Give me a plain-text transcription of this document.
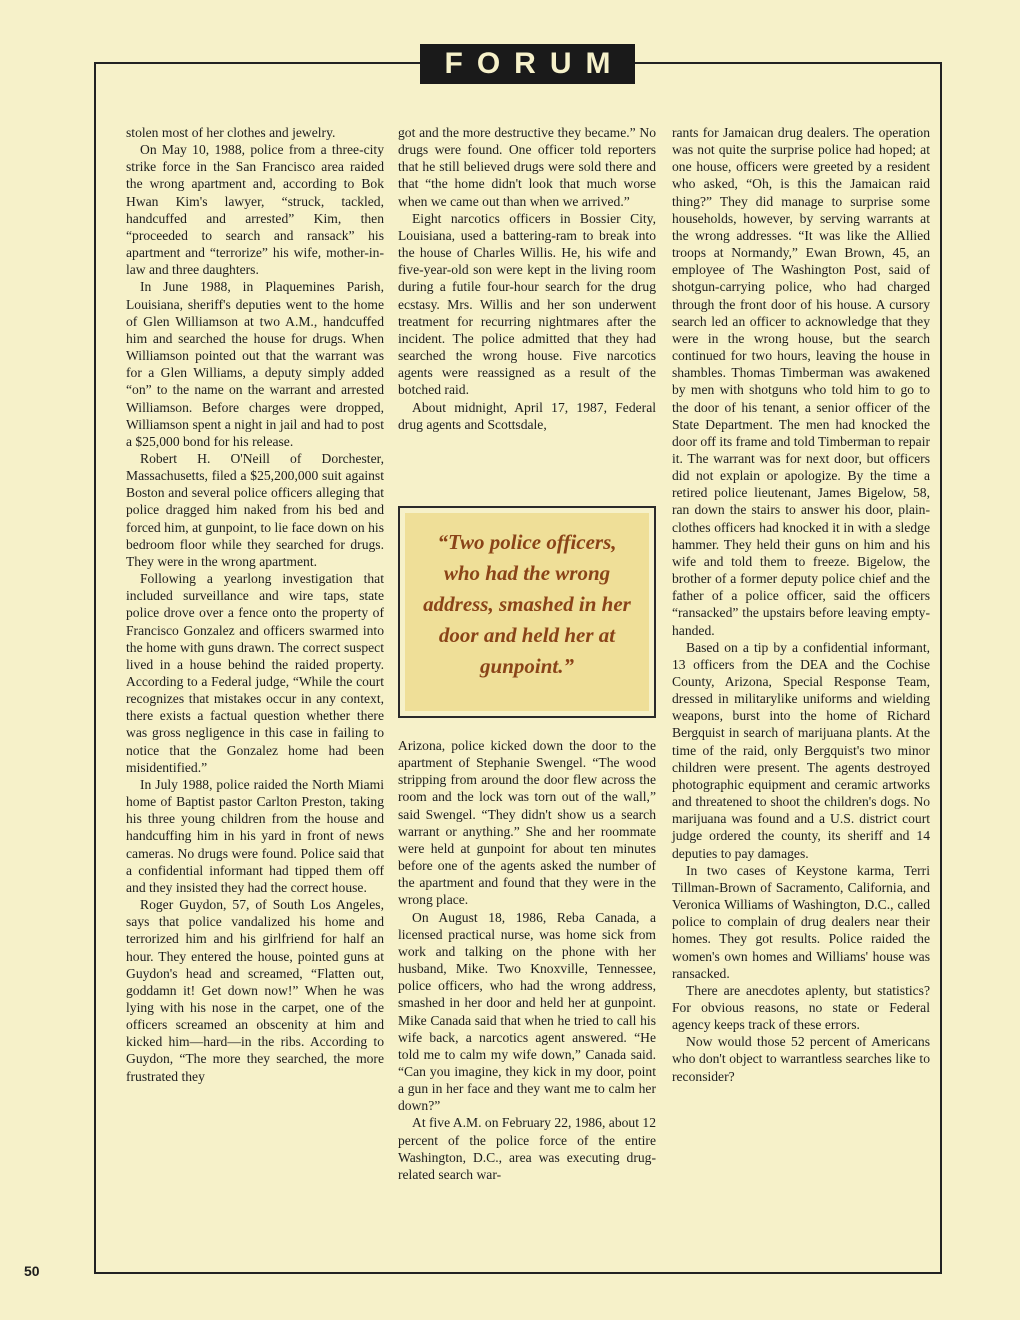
FORUM

stolen most of her clothes and jewelry.

On May 10, 1988, police from a three-city strike force in the San Francisco area raided the wrong apartment and, according to Bok Hwan Kim's lawyer, “struck, tackled, handcuffed and arrested” Kim, then “proceeded to search and ransack” his apartment and “terrorize” his wife, mother-in-law and three daughters.

In June 1988, in Plaquemines Parish, Louisiana, sheriff's deputies went to the home of Glen Williamson at two A.M., handcuffed him and searched the house for drugs. When Williamson pointed out that the warrant was for a Glen Williams, a deputy simply added “on” to the name on the warrant and arrested Williamson. Before charges were dropped, Williamson spent a night in jail and had to post a $25,000 bond for his release.

Robert H. O'Neill of Dorchester, Massachusetts, filed a $25,200,000 suit against Boston and several police officers alleging that police dragged him naked from his bed and forced him, at gunpoint, to lie face down on his bedroom floor while they searched for drugs. They were in the wrong apartment.

Following a yearlong investigation that included surveillance and wire taps, state police drove over a fence onto the property of Francisco Gonzalez and officers swarmed into the home with guns drawn. The correct suspect lived in a house behind the raided property. According to a Federal judge, “While the court recognizes that mistakes occur in any context, there exists a factual question whether there was gross negligence in this case in failing to notice that the Gonzalez home had been misidentified.”

In July 1988, police raided the North Miami home of Baptist pastor Carlton Preston, taking his three young children from the house and handcuffing him in his yard in front of news cameras. No drugs were found. Police said that a confidential informant had tipped them off and they insisted they had the correct house.

Roger Guydon, 57, of South Los Angeles, says that police vandalized his home and terrorized him and his girlfriend for half an hour. They entered the house, pointed guns at Guydon's head and screamed, “Flatten out, goddamn it! Get down now!” When he was lying with his nose in the carpet, one of the officers screamed an obscenity at him and kicked him—hard—in the ribs. According to Guydon, “The more they searched, the more frustrated they

got and the more destructive they became.” No drugs were found. One officer told reporters that he still believed drugs were sold there and that “the home didn't look that much worse when we came out than when we arrived.”

Eight narcotics officers in Bossier City, Louisiana, used a battering-ram to break into the house of Charles Willis. He, his wife and five-year-old son were kept in the living room during a futile four-hour search for the drug ecstasy. Mrs. Willis and her son underwent treatment for recurring nightmares after the incident. The police admitted that they had searched the wrong house. Five narcotics agents were reassigned as a result of the botched raid.

About midnight, April 17, 1987, Federal drug agents and Scottsdale,

“Two police officers, who had the wrong address, smashed in her door and held her at gunpoint.”

Arizona, police kicked down the door to the apartment of Stephanie Swengel. “The wood stripping from around the door flew across the room and the lock was torn out of the wall,” said Swengel. “They didn't show us a search warrant or anything.” She and her roommate were held at gunpoint for about ten minutes before one of the agents asked the number of the apartment and found that they were in the wrong place.

On August 18, 1986, Reba Canada, a licensed practical nurse, was home sick from work and talking on the phone with her husband, Mike. Two Knoxville, Tennessee, police officers, who had the wrong address, smashed in her door and held her at gunpoint. Mike Canada said that when he tried to call his wife back, a narcotics agent answered. “He told me to calm my wife down,” Canada said. “Can you imagine, they kick in my door, point a gun in her face and they want me to calm her down?”

At five A.M. on February 22, 1986, about 12 percent of the police force of the entire Washington, D.C., area was executing drug-related search war-

rants for Jamaican drug dealers. The operation was not quite the surprise police had hoped; at one house, officers were greeted by a resident who asked, “Oh, is this the Jamaican raid thing?” They did manage to surprise some households, however, by serving warrants at the wrong addresses. “It was like the Allied troops at Normandy,” Ewan Brown, 45, an employee of The Washington Post, said of shotgun-carrying police, who had charged through the front door of his house. A cursory search led an officer to acknowledge that they were in the wrong house, but the search continued for two hours, leaving the house in shambles. Thomas Timberman was awakened by men with shotguns who told him to go to the door of his tenant, a senior officer of the State Department. The men had knocked the door off its frame and told Timberman to repair it. The warrant was for next door, but officers did not explain or apologize. By the time a retired police lieutenant, James Bigelow, 58, ran down the stairs to answer his door, plain-clothes officers had knocked it in with a sledge hammer. They held their guns on him and his wife and told them to freeze. Bigelow, the brother of a former deputy police chief and the father of a police officer, said the officers “ransacked” the upstairs before leaving empty-handed.

Based on a tip by a confidential informant, 13 officers from the DEA and the Cochise County, Arizona, Special Response Team, dressed in militarylike uniforms and wielding weapons, burst into the home of Richard Bergquist in search of marijuana plants. At the time of the raid, only Bergquist's two minor children were present. The agents destroyed photographic equipment and ceramic artworks and threatened to shoot the children's dogs. No marijuana was found and a U.S. district court judge ordered the county, its sheriff and 14 deputies to pay damages.

In two cases of Keystone karma, Terri Tillman-Brown of Sacramento, California, and Veronica Williams of Washington, D.C., called police to complain of drug dealers near their homes. They got results. Police raided the women's own homes and Williams' house was ransacked.

There are anecdotes aplenty, but statistics? For obvious reasons, no state or Federal agency keeps track of these errors.

Now would those 52 percent of Americans who don't object to warrantless searches like to reconsider?

50
